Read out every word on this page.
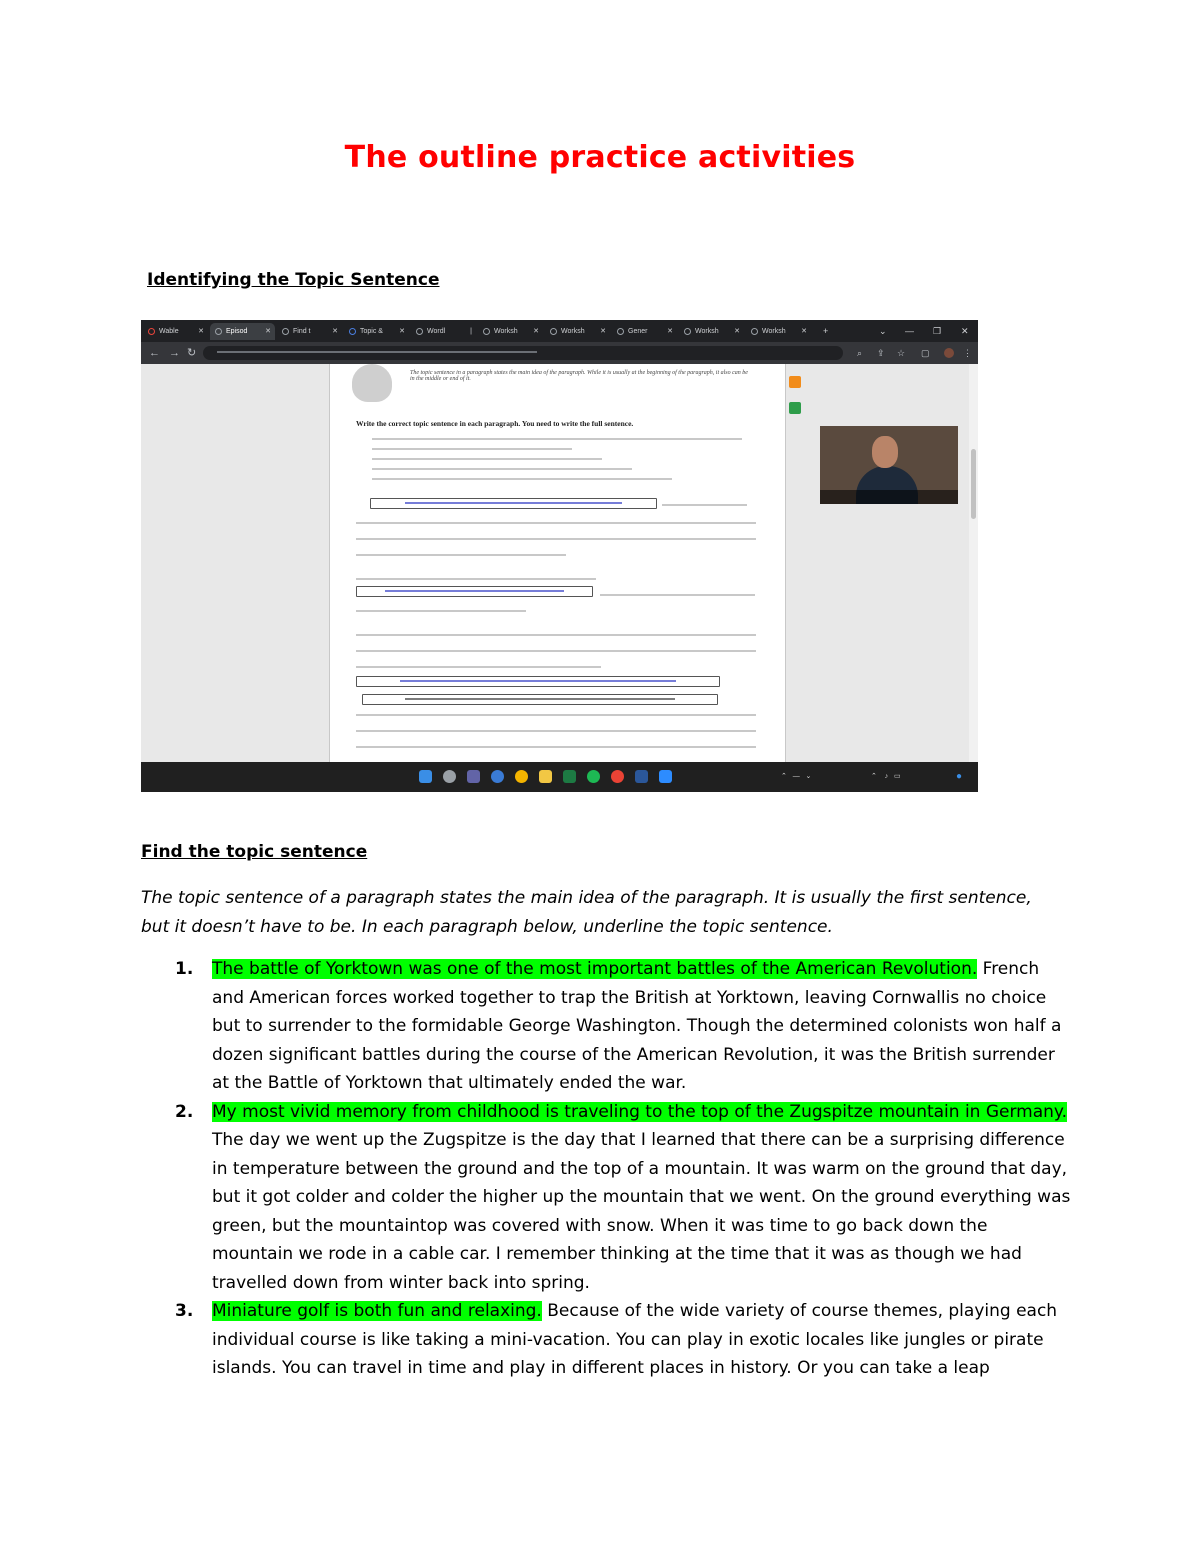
The outline practice activities
Identifying the Topic Sentence
Wable	✕	Episod	✕	Find t	✕	Topic & ✕	Wordl	|	Worksh ✕	Worksh ✕	Gener	✕	Worksh ✕	Worksh ✕ +	⌄ — ❐ ✕
← → ↻	⌕ ⇪ ☆ ▢	⋮
The topic sentence in a paragraph states the main idea of the paragraph. While it is usually at the beginning of the paragraph, it also can be in the middle or end of it.
Write the correct topic sentence in each paragraph. You need to write the full sentence.
⌃   —   ⌄	⌃    ♪   ▭	●
Find the topic sentence
The topic sentence of a paragraph states the main idea of the paragraph. It is usually the first sentence, but it doesn’t have to be. In each paragraph below, underline the topic sentence.
1. The battle of Yorktown was one of the most important battles of the American Revolution. French and American forces worked together to trap the British at Yorktown, leaving Cornwallis no choice but to surrender to the formidable George Washington. Though the determined colonists won half a dozen significant battles during the course of the American Revolution, it was the British surrender at the Battle of Yorktown that ultimately ended the war.
2. My most vivid memory from childhood is traveling to the top of the Zugspitze mountain in Germany. The day we went up the Zugspitze is the day that I learned that there can be a surprising difference in temperature between the ground and the top of a mountain. It was warm on the ground that day, but it got colder and colder the higher up the mountain that we went. On the ground everything was green, but the mountaintop was covered with snow. When it was time to go back down the mountain we rode in a cable car. I remember thinking at the time that it was as though we had travelled down from winter back into spring.
3. Miniature golf is both fun and relaxing. Because of the wide variety of course themes, playing each individual course is like taking a mini-vacation. You can play in exotic locales like jungles or pirate islands. You can travel in time and play in different places in history. Or you can take a leap
